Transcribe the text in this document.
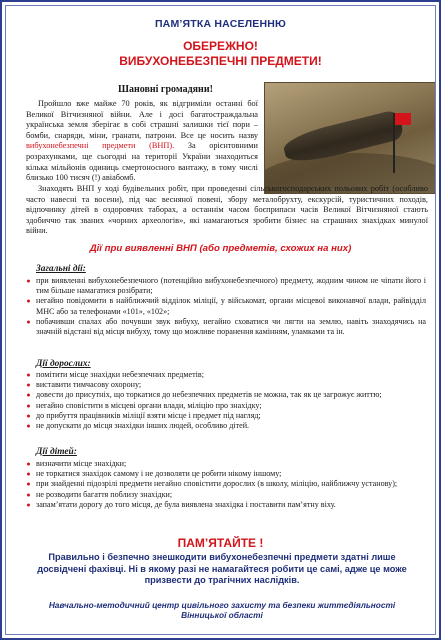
ПАМ’ЯТКА НАСЕЛЕННЮ
ОБЕРЕЖНО!
ВИБУХОНЕБЕЗПЕЧНІ ПРЕДМЕТИ!
Шановні громадяни!

Пройшло вже майже 70 років, як відгриміли останні бої Великої Вітчизняної війни. Але і досі багатостраждальна українська земля зберігає в собі страшні залишки тієї пори – бомби, снаряди, міни, гранати, патрони. Все це носить назву вибухонебезпечні предмети (ВНП). За орієнтовними розрахунками, ще сьогодні на території України знаходиться кілька мільйонів одиниць смертоносного вантажу, в тому числі близько 100 тисяч (!) авіабомб.

Знаходять ВНП у ході будівельних робіт, при проведенні сільськогосподарських польових робіт (особливо часто навесні та восени), під час весняної повені, збору металобрухту, екскурсій, туристичних походів, відпочинку дітей в оздоровчих таборах, а останнім часом боєприпаси часів Великої Вітчизняної стають здобиччю так званих «чорних археологів», які намагаються зробити бізнес на страшних знахідках минулої війни.

Дії при виявленні ВНП (або предметів, схожих на них)
Загальні дії:
● при виявленні вибухонебезпечного (потенційно вибухонебезпечного) предмету, жодним чином не чіпати його і тим більше намагатися розібрати;
● негайно повідомити в найближчий відділок міліції, у військомат, органи місцевої виконавчої влади, райвідділ МНС або за телефонами «101», «102»;
● побачивши спалах або почувши звук вибуху, негайно сховатися чи лягти на землю, навіть знаходячись на значній відстані від місця вибуху, тому що можливе поранення камінням, уламками та ін.
Дії дорослих:
● помітити місце знахідки небезпечних предметів;
● виставити тимчасову охорону;
● довести до присутніх, що торкатися до небезпечних предметів не можна, так як це загрожує життю;
● негайно сповістити в місцеві органи влади, міліцію про знахідку;
● до прибуття працівників міліції взяти місце і предмет під нагляд;
● не допускати до місця знахідки інших людей, особливо дітей.
Дії дітей:
● визначити місце знахідки;
● не торкатися знахідок самому і не дозволяти це робити нікому іншому;
● при знайденні підозрілі предмети негайно сповістити дорослих (в школу, міліцію, найближчу установу);
● не розводити багаття поблизу знахідки;
● запам’ятати дорогу до того місця, де була виявлена знахідка і поставити пам’ятну віху.
ПАМ’ЯТАЙТЕ !

Правильно і безпечно знешкодити вибухонебезпечні предмети здатні лише досвідчені фахівці. Ні в якому разі не намагайтеся робити це самі, адже це може призвести до трагічних наслідків.

Навчально-методичний центр цивільного захисту та безпеки життєдіяльності
Вінницької області
